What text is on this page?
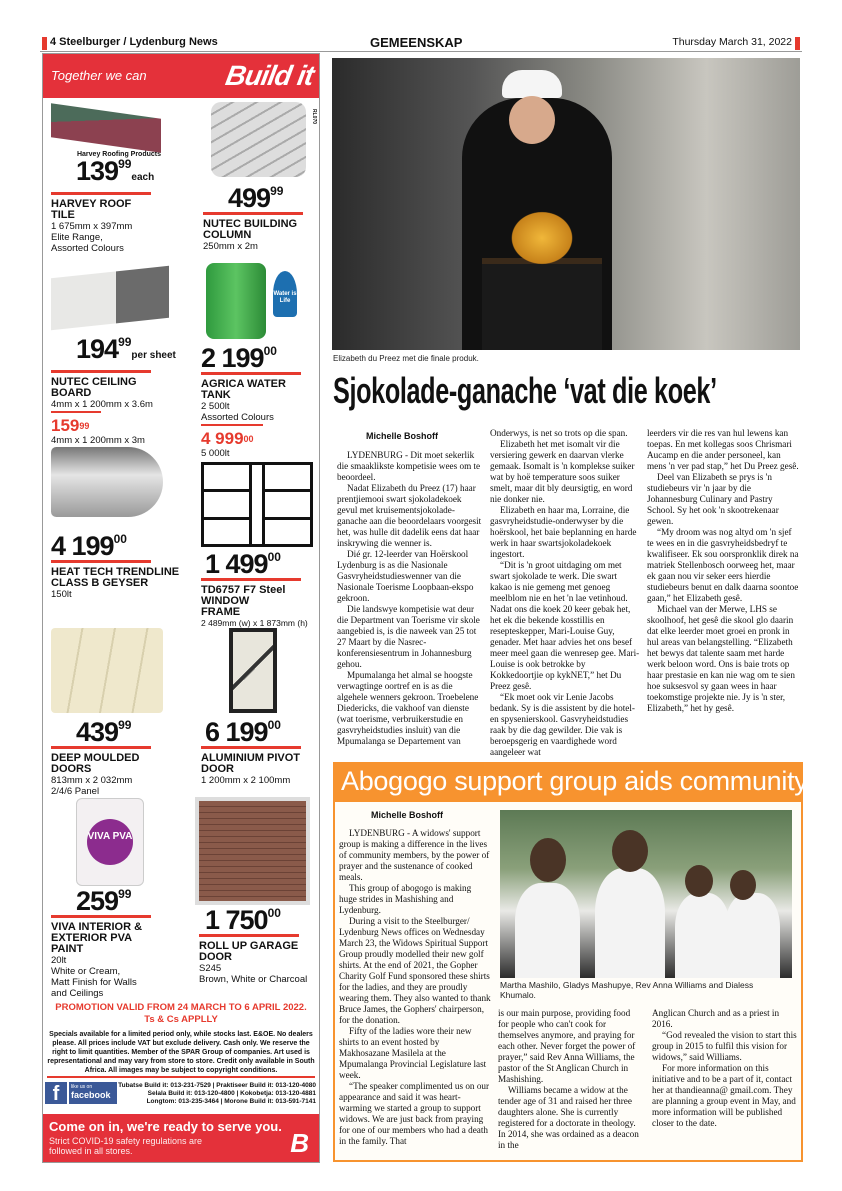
4 Steelburger / Lydenburg News	GEMEENSKAP	Thursday March 31, 2022
Together we can	Build it
RL070
Harvey Roofing Products
$139^{99}each$
HARVEY ROOF TILE
1 675mm x 397mm
Elite Range,
Assorted Colours
$499^{99}$
NUTEC BUILDING COLUMN
250mm x 2m
$194^{99}per$ sheet
NUTEC CEILING BOARD
4mm x 1 200mm x 3.6m
$159^{99}$
4mm x 1 200mm x 3m
Water is Life
2 $199^{00}$
AGRICA WATER TANK
2 500lt
Assorted Colours
4 $999^{00}$
5 000lt
4 $199^{00}$
HEAT TECH TRENDLINE CLASS B GEYSER
150lt
1 $499^{00}$
TD6757 F7 Steel WINDOW FRAME
2 489mm (w) x 1 873mm (h)
$439^{99}$
DEEP MOULDED DOORS
813mm x 2 032mm
2/4/6 Panel
6 $199^{00}$
ALUMINIUM PIVOT DOOR
1 200mm x 2 100mm
VIVA PVA
$259^{99}$
VIVA INTERIOR & EXTERIOR PVA PAINT
20lt
White or Cream, Matt Finish for Walls and Ceilings
1 $750^{00}$
ROLL UP GARAGE DOOR
S245
Brown, White or Charcoal
PROMOTION VALID FROM 24 MARCH TO 6 APRIL 2022.
Ts & Cs APPLLY
Specials available for a limited period only, while stocks last. E&OE. No dealers please. All prices include VAT but exclude delivery. Cash only. We reserve the right to limit quantities. Member of the SPAR Group of companies. Art used is representational and may vary from store to store. Credit only available in South Africa. All images may be subject to copyright conditions.
f	like us on
facebook
Tubatse Build it: 013-231-7529 | Praktiseer Build it: 013-120-4080
Selala Build it: 013-120-4800 | Kokobetja: 013-120-4881
Longtom: 013-235-3464 | Morone Build it: 013-591-7141
Come on in, we're ready to serve you.
Strict COVID-19 safety regulations are followed in all stores.	B
Elizabeth du Preez met die finale produk.
Sjokolade-ganache ‘vat die koek’
Michelle Boshoff

LYDENBURG - Dit moet sekerlik die smaaklikste kompetisie wees om te beoordeel.

Nadat Elizabeth du Preez (17) haar prentjiemooi swart sjokoladekoek gevul met kruisementsjokolade-ganache aan die beoordelaars voorgesit het, was hulle dit dadelik eens dat haar inskrywing die wenner is.

Dié gr. 12-leerder van Hoërskool Lydenburg is as die Nasionale Gasvryheidstudieswenner van die Nasionale Toerisme Loopbaan-ekspo gekroon.

Die landswye kompetisie wat deur die Department van Toerisme vir skole aangebied is, is die naweek van 25 tot 27 Maart by die Nasrec-konferensiesentrum in Johannesburg gehou.

Mpumalanga het almal se hoogste verwagtinge oortref en is as die algehele wenners gekroon. Troebelene Diedericks, die vakhoof van dienste (wat toerisme, verbruikerstudie en gasvryheidstudies insluit) van die Mpumalanga se Departement van

Onderwys, is net so trots op die span.

Elizabeth het met isomalt vir die versiering gewerk en daarvan vlerke gemaak. Isomalt is 'n komplekse suiker wat by hoë temperature soos suiker smelt, maar dit bly deursigtig, en word nie donker nie.

Elizabeth en haar ma, Lorraine, die gasvryheidstudie-onderwyser by die hoërskool, het baie beplanning en harde werk in haar swartsjokoladekoek ingestort.

“Dit is 'n groot uitdaging om met swart sjokolade te werk. Die swart kakao is nie gemeng met genoeg meelblom nie en het 'n lae vetinhoud. Nadat ons die koek 20 keer gebak het, het ek die bekende kosstillis en resepteskepper, Mari-Louise Guy, genader. Met haar advies het ons besef meer meel gaan die wenresep gee. Mari-Louise is ook betrokke by Kokkedoortjie op kykNET,” het Du Preez gesê.

“Ek moet ook vir Lenie Jacobs bedank. Sy is die assistent by die hotel- en spysenierskool. Gasvryheidstudies raak by die dag gewilder. Die vak is beroepsgerig en vaardighede word aangeleer wat

leerders vir die res van hul lewens kan toepas. En met kollegas soos Chrismari Aucamp en die ander personeel, kan mens 'n ver pad stap,” het Du Preez gesê.

Deel van Elizabeth se prys is 'n studiebeurs vir 'n jaar by die Johannesburg Culinary and Pastry School. Sy het ook 'n skootrekenaar gewen.

“My droom was nog altyd om 'n sjef te wees en in die gasvryheidsbedryf te kwalifiseer. Ek sou oorspronklik direk na matriek Stellenbosch oorweeg het, maar ek gaan nou vir seker eers hierdie studiebeurs benut en dalk daarna soontoe gaan,” het Elizabeth gesê.

Michael van der Merwe, LHS se skoolhoof, het gesê die skool glo daarin dat elke leerder moet groei en pronk in hul areas van belangstelling. “Elizabeth het bewys dat talente saam met harde werk beloon word. Ons is baie trots op haar prestasie en kan nie wag om te sien hoe suksesvol sy gaan wees in haar toekomstige projekte nie. Jy is 'n ster, Elizabeth,” het hy gesê.

Abogogo support group aids community
Michelle Boshoff
Martha Mashilo, Gladys Mashupye, Rev Anna Williams and Dialess Khumalo.

LYDENBURG - A widows' support group is making a difference in the lives of community members, by the power of prayer and the sustenance of cooked meals.

This group of abogogo is making huge strides in Mashishing and Lydenburg.

During a visit to the Steelburger/ Lydenburg News offices on Wednesday March 23, the Widows Spiritual Support Group proudly modelled their new golf shirts. At the end of 2021, the Gopher Charity Golf Fund sponsored these shirts for the ladies, and they are proudly wearing them. They also wanted to thank Bruce James, the Gophers' chairperson, for the donation.

Fifty of the ladies wore their new shirts to an event hosted by Makhosazane Masilela at the Mpumalanga Provincial Legislature last week.

“The speaker complimented us on our appearance and said it was heart-warming we started a group to support widows. We are just back from praying for one of our members who had a death in the family. That

is our main purpose, providing food for people who can't cook for themselves anymore, and praying for each other. Never forget the power of prayer,” said Rev Anna Williams, the pastor of the St Anglican Church in Mashishing.

Williams became a widow at the tender age of 31 and raised her three daughters alone. She is currently registered for a doctorate in theology. In 2014, she was ordained as a deacon in the

Anglican Church and as a priest in 2016.

“God revealed the vision to start this group in 2015 to fulfil this vision for widows,” said Williams.

For more information on this initiative and to be a part of it, contact her at thandieanna@ gmail.com. They are planning a group event in May, and more information will be published closer to the date.
